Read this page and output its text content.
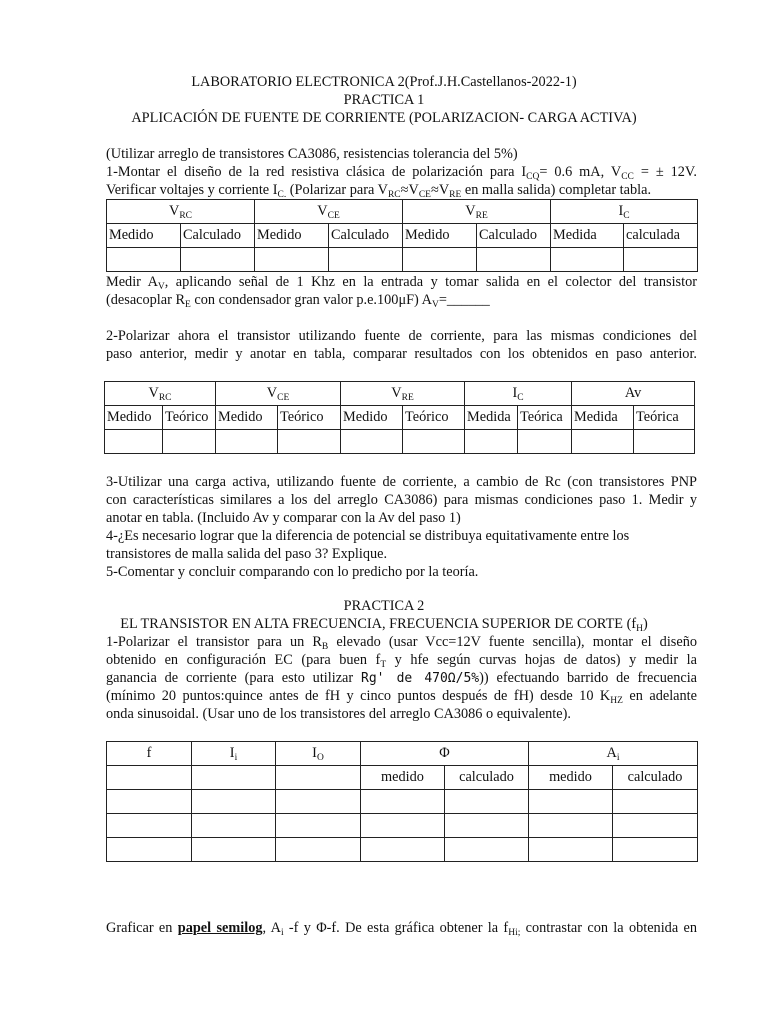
LABORATORIO ELECTRONICA 2(Prof.J.H.Castellanos-2022-1)
PRACTICA 1
APLICACIÓN DE FUENTE DE CORRIENTE (POLARIZACION- CARGA ACTIVA)
(Utilizar arreglo de transistores CA3086, resistencias tolerancia del 5%)
1-Montar el diseño de la red resistiva clásica de polarización para $I_{CQ}= 0.6$ mA, $V_{CC}$ = ± 12V.
Verificar voltajes y corriente $I_{C.}$ (Polarizar para $V_{RC}\approx V_{CE}\approx V_{RE}$ en malla salida) completar tabla.
$V_{RC}$		$V_{CE}$		$V_{RE}$		$I_C$
Medido	Calculado	Medido	Calculado	Medido	Calculado	Medida	calculada

Medir $A_V$, aplicando señal de 1 Khz en la entrada y tomar salida en el colector del transistor
(desacoplar $R_E$ con condensador gran valor p.e.100μF) $A_V=\_\_\_\_\_\_$
2-Polarizar ahora el transistor utilizando fuente de corriente, para las mismas condiciones del
paso anterior, medir y anotar en tabla, comparar resultados con los obtenidos en paso anterior.
$V_{RC}$		$V_{CE}$		$V_{RE}$		$I_C$		Av	
Medido	Teórico	Medido	Teórico	Medido	Teórico	Medida	Teórica	Medida	Teórica

3-Utilizar una carga activa, utilizando fuente de corriente, a cambio de Rc (con transistores PNP
con características similares a los del arreglo CA3086) para mismas condiciones paso 1. Medir y
anotar en tabla. (Incluido Av y comparar con la Av del paso 1)
4-¿Es necesario lograr que la diferencia de potencial se distribuya equitativamente entre los
transistores de malla salida del paso 3? Explique.
5-Comentar y concluir comparando con lo predicho por la teoría.
PRACTICA 2
EL TRANSISTOR EN ALTA FRECUENCIA, FRECUENCIA SUPERIOR DE CORTE $(f_H)$
1-Polarizar el transistor para un $R_B$ elevado (usar Vcc=12V fuente sencilla), montar el diseño
obtenido en configuración EC (para buen $f_T$ y hfe según curvas hojas de datos) y medir la
ganancia de corriente (para esto utilizar Rg' de 470Ω/5%)) efectuando barrido de frecuencia
(mínimo 20 puntos:quince antes de fH y cinco puntos después de fH) desde 10 $K_{HZ}$ en adelante
onda sinusoidal. (Usar uno de los transistores del arreglo CA3086 o equivalente).
f	$I_i$	$I_O$	Φ		$A_i$
			medido	calculado	medido	calculado

Graficar en papel semilog, $A_i$ -f y Φ-f. De esta gráfica obtener la $f_{Hi;}$ contrastar con la obtenida en
